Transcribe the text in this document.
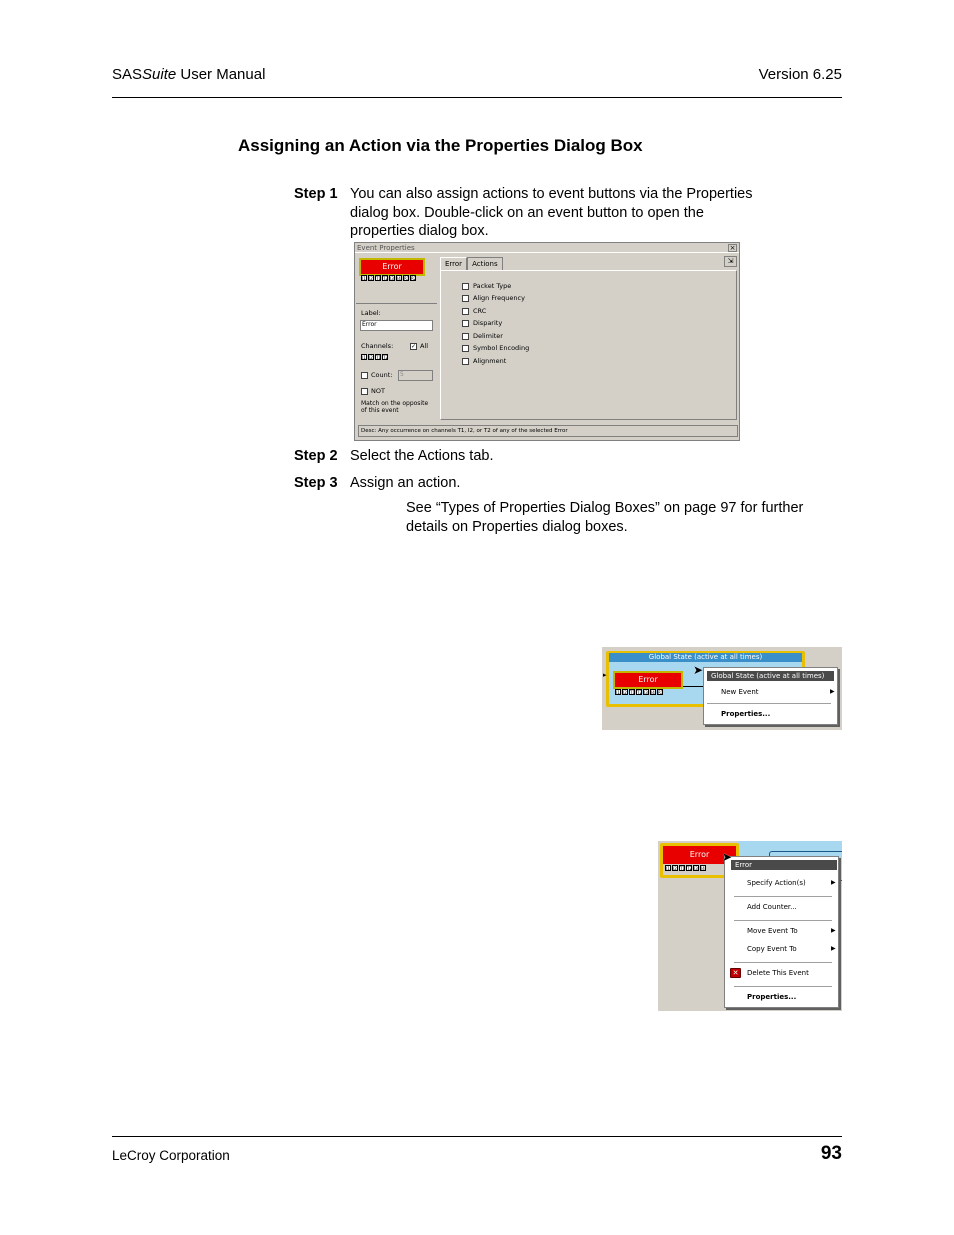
SASSuite User Manual	Version 6.25
Assigning an Action via the Properties Dialog Box
Step 1 You can also assign actions to event buttons via the Properties
dialog box. Double-click on an event button to open the
properties dialog box.
Event Properties	×
Error
I1 I2 T1 T2 I3 I4 R1 R2
Label:
Error
Channels:
I1 I2 T1 T2
✓ All
Count:	5
NOT
Match on the opposite
of this event
Error	Actions	⇲
Packet Type
Align Frequency
CRC
Disparity
Delimiter
Symbol Encoding
Alignment
Desc: Any occurrence on channels T1, I2, or T2 of any of the selected Error
Step 2 Select the Actions tab.
Step 3 Assign an action.
See “Types of Properties Dialog Boxes” on page 97 for further
details on Properties dialog boxes.
Global State (active at all times)
▸	Error
I1 I2 T1 T2 I3 I4 R1
Global State (active at all times)
New Event	▶
Properties...
➤
Error
I1 I2 T1 T2 I3 I4	Error
Specify Action(s)	▶
Add Counter...
Move Event To	▶
Copy Event To	▶
✕	Delete This Event
Properties...
➤
LeCroy Corporation	93
